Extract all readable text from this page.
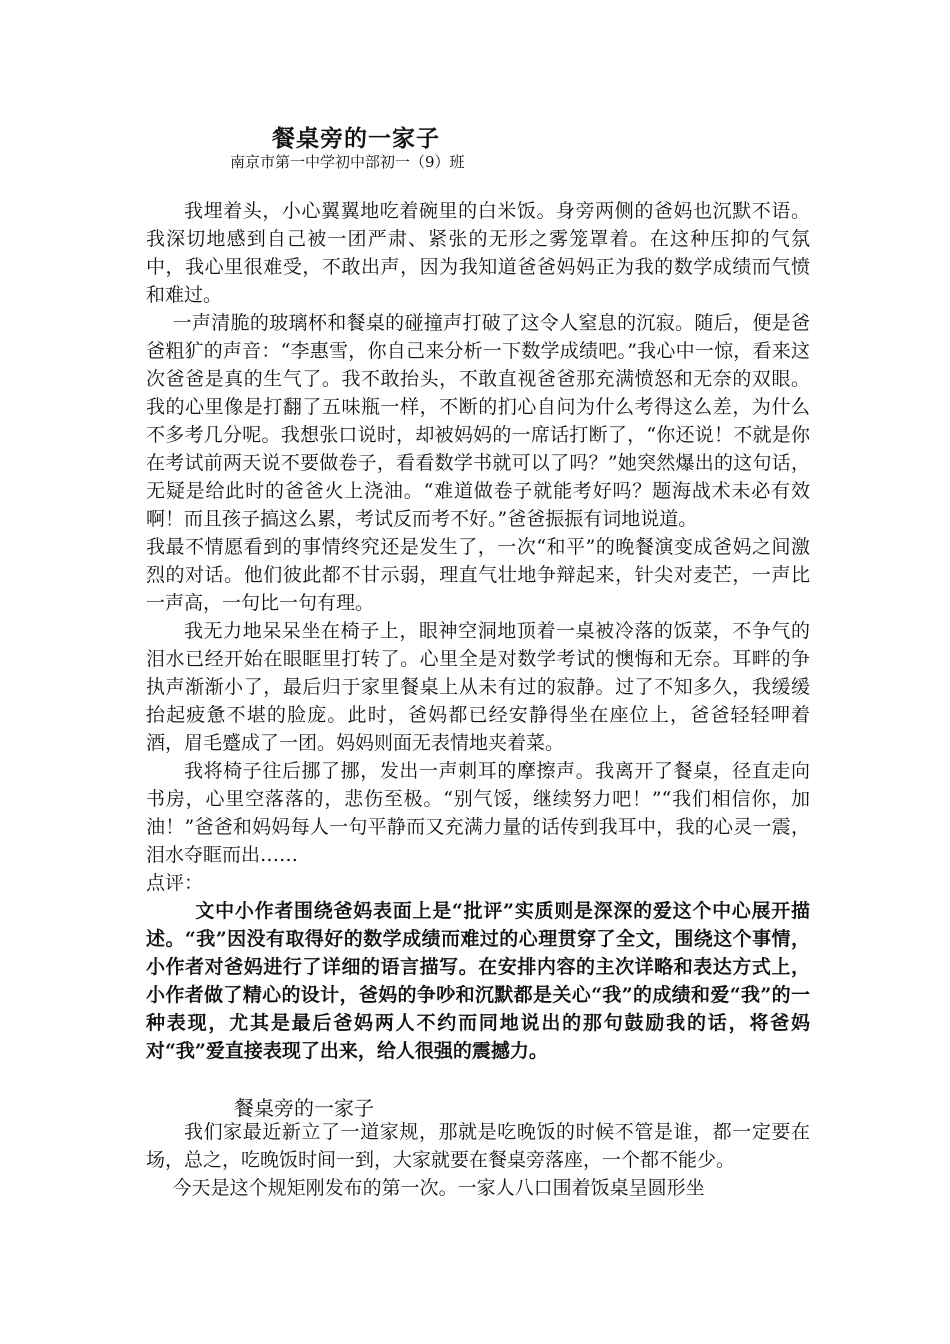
餐桌旁的一家子
南京市第一中学初中部初一（9）班

我埋着头，小心翼翼地吃着碗里的白米饭。身旁两侧的爸妈也沉默不语。我深切地感到自己被一团严肃、紧张的无形之雾笼罩着。在这种压抑的气氛中，我心里很难受，不敢出声，因为我知道爸爸妈妈正为我的数学成绩而气愤和难过。

一声清脆的玻璃杯和餐桌的碰撞声打破了这令人窒息的沉寂。随后，便是爸爸粗犷的声音：“李惠雪，你自己来分析一下数学成绩吧。”我心中一惊，看来这次爸爸是真的生气了。我不敢抬头，不敢直视爸爸那充满愤怒和无奈的双眼。我的心里像是打翻了五味瓶一样，不断的扪心自问为什么考得这么差，为什么不多考几分呢。我想张口说时，却被妈妈的一席话打断了，“你还说！不就是你在考试前两天说不要做卷子，看看数学书就可以了吗？”她突然爆出的这句话，无疑是给此时的爸爸火上浇油。“难道做卷子就能考好吗？题海战术未必有效啊！而且孩子搞这么累，考试反而考不好。”爸爸振振有词地说道。

我最不情愿看到的事情终究还是发生了，一次“和平”的晚餐演变成爸妈之间激烈的对话。他们彼此都不甘示弱，理直气壮地争辩起来，针尖对麦芒，一声比一声高，一句比一句有理。

我无力地呆呆坐在椅子上，眼神空洞地顶着一桌被冷落的饭菜，不争气的泪水已经开始在眼眶里打转了。心里全是对数学考试的懊悔和无奈。耳畔的争执声渐渐小了，最后归于家里餐桌上从未有过的寂静。过了不知多久，我缓缓抬起疲惫不堪的脸庞。此时，爸妈都已经安静得坐在座位上，爸爸轻轻呷着酒，眉毛蹙成了一团。妈妈则面无表情地夹着菜。

我将椅子往后挪了挪，发出一声刺耳的摩擦声。我离开了餐桌，径直走向书房，心里空落落的，悲伤至极。“别气馁，继续努力吧！”“我们相信你，加油！”爸爸和妈妈每人一句平静而又充满力量的话传到我耳中，我的心灵一震，泪水夺眶而出……

点评：

文中小作者围绕爸妈表面上是“批评”实质则是深深的爱这个中心展开描述。“我”因没有取得好的数学成绩而难过的心理贯穿了全文，围绕这个事情，小作者对爸妈进行了详细的语言描写。在安排内容的主次详略和表达方式上，小作者做了精心的设计，爸妈的争吵和沉默都是关心“我”的成绩和爱“我”的一种表现，尤其是最后爸妈两人不约而同地说出的那句鼓励我的话，将爸妈对“我”爱直接表现了出来，给人很强的震撼力。

餐桌旁的一家子

我们家最近新立了一道家规，那就是吃晚饭的时候不管是谁，都一定要在场，总之，吃晚饭时间一到，大家就要在餐桌旁落座，一个都不能少。

今天是这个规矩刚发布的第一次。一家人八口围着饭桌呈圆形坐
